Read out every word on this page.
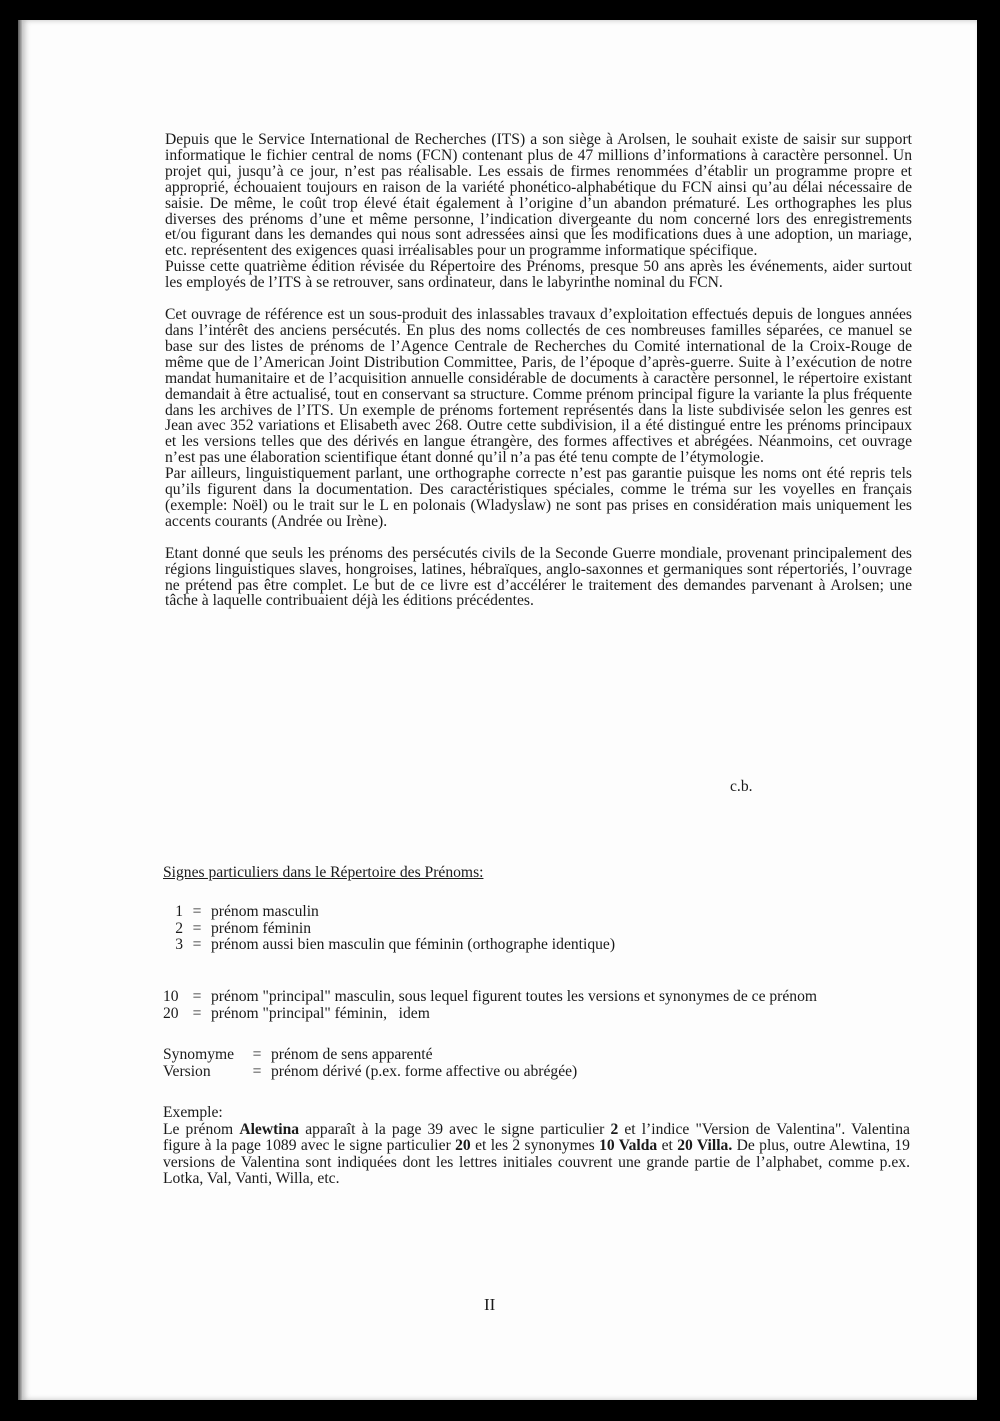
Depuis que le Service International de Recherches (ITS) a son siège à Arolsen, le souhait existe de saisir sur support informatique le fichier central de noms (FCN) contenant plus de 47 millions d’informations à caractère personnel. Un projet qui, jusqu’à ce jour, n’est pas réalisable. Les essais de firmes renommées d’établir un programme propre et approprié, échouaient toujours en raison de la variété phonético-alphabétique du FCN ainsi qu’au délai nécessaire de saisie. De même, le coût trop élevé était également à l’origine d’un abandon prématuré. Les orthographes les plus diverses des prénoms d’une et même personne, l’indication divergeante du nom concerné lors des enregistrements et/ou figurant dans les demandes qui nous sont adressées ainsi que les modifications dues à une adoption, un mariage, etc. représentent des exigences quasi irréalisables pour un programme informatique spécifique.

Puisse cette quatrième édition révisée du Répertoire des Prénoms, presque 50 ans après les événements, aider surtout les employés de l’ITS à se retrouver, sans ordinateur, dans le labyrinthe nominal du FCN.

Cet ouvrage de référence est un sous-produit des inlassables travaux d’exploitation effectués depuis de longues années dans l’intérêt des anciens persécutés. En plus des noms collectés de ces nombreuses familles séparées, ce manuel se base sur des listes de prénoms de l’Agence Centrale de Recherches du Comité international de la Croix-Rouge de même que de l’American Joint Distribution Committee, Paris, de l’époque d’après-guerre. Suite à l’exécution de notre mandat humanitaire et de l’acquisition annuelle considérable de documents à caractère personnel, le répertoire existant demandait à être actualisé, tout en conservant sa structure. Comme prénom principal figure la variante la plus fréquente dans les archives de l’ITS. Un exemple de prénoms fortement représentés dans la liste subdivisée selon les genres est Jean avec 352 variations et Elisabeth avec 268. Outre cette subdivision, il a été distingué entre les prénoms principaux et les versions telles que des dérivés en langue étrangère, des formes affectives et abrégées. Néanmoins, cet ouvrage n’est pas une élaboration scientifique étant donné qu’il n’a pas été tenu compte de l’étymologie.

Par ailleurs, linguistiquement parlant, une orthographe correcte n’est pas garantie puisque les noms ont été repris tels qu’ils figurent dans la documentation. Des caractéristiques spéciales, comme le tréma sur les voyelles en français (exemple: Noël) ou le trait sur le L en polonais (Wladyslaw) ne sont pas prises en considération mais uniquement les accents courants (Andrée ou Irène).

Etant donné que seuls les prénoms des persécutés civils de la Seconde Guerre mondiale, provenant principalement des régions linguistiques slaves, hongroises, latines, hébraïques, anglo-saxonnes et germaniques sont répertoriés, l’ouvrage ne prétend pas être complet. Le but de ce livre est d’accélérer le traitement des demandes parvenant à Arolsen; une tâche à laquelle contribuaient déjà les éditions précédentes.

c.b.
Signes particuliers dans le Répertoire des Prénoms:
1 = prénom masculin
2 = prénom féminin
3 = prénom aussi bien masculin que féminin (orthographe identique)
10 = prénom "principal" masculin, sous lequel figurent toutes les versions et synonymes de ce prénom
20 = prénom "principal" féminin,   idem
Synomyme	= prénom de sens apparenté
Version	= prénom dérivé (p.ex. forme affective ou abrégée)
Exemple:
Le prénom Alewtina apparaît à la page 39 avec le signe particulier 2 et l’indice "Version de Valentina". Valentina figure à la page 1089 avec le signe particulier 20 et les 2 synonymes 10 Valda et 20 Villa. De plus, outre Alewtina, 19 versions de Valentina sont indiquées dont les lettres initiales couvrent une grande partie de l’alphabet, comme p.ex. Lotka, Val, Vanti, Willa, etc.
II
